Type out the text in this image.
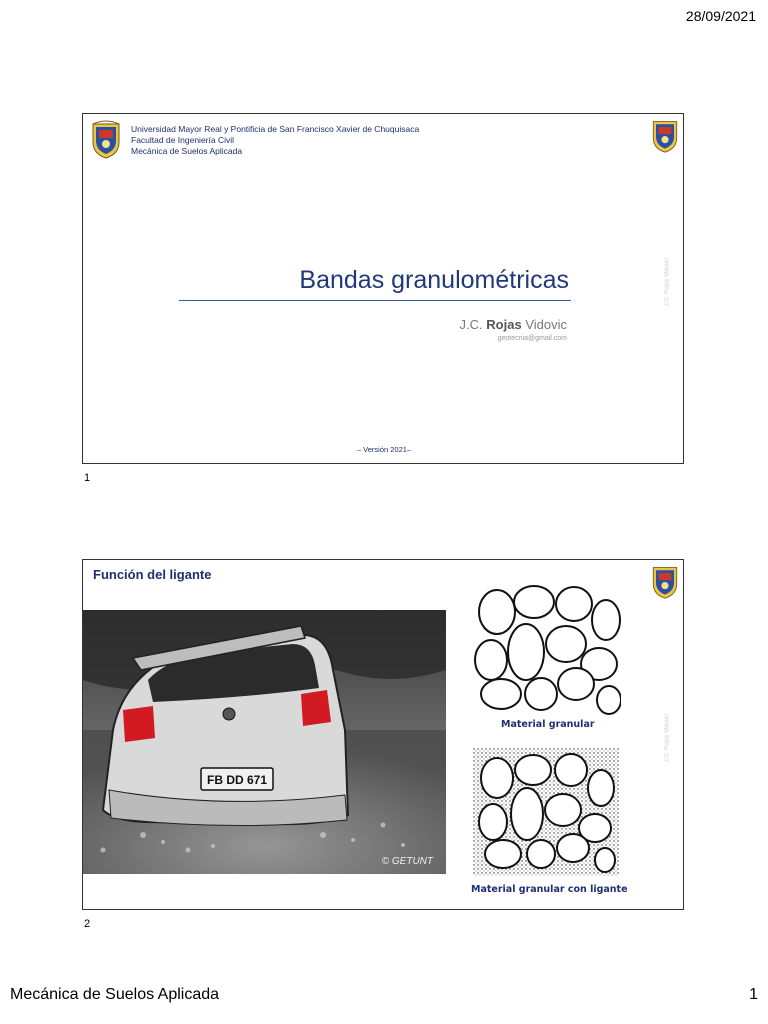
28/09/2021
Universidad Mayor Real y Pontificia de San Francisco Xavier de Chuquisaca
Facultad de Ingeniería Civil
Mecánica de Suelos Aplicada
Bandas granulométricas
J.C. Rojas Vidovic
geotecnia@gmail.com
– Versión 2021–
J.C. Rojas Vidovic
1
Función del ligante
FB DD 671
© GETUNT
Material granular
Material granular con ligante
J.C. Rojas Vidovic
2
Mecánica de Suelos Aplicada	1
